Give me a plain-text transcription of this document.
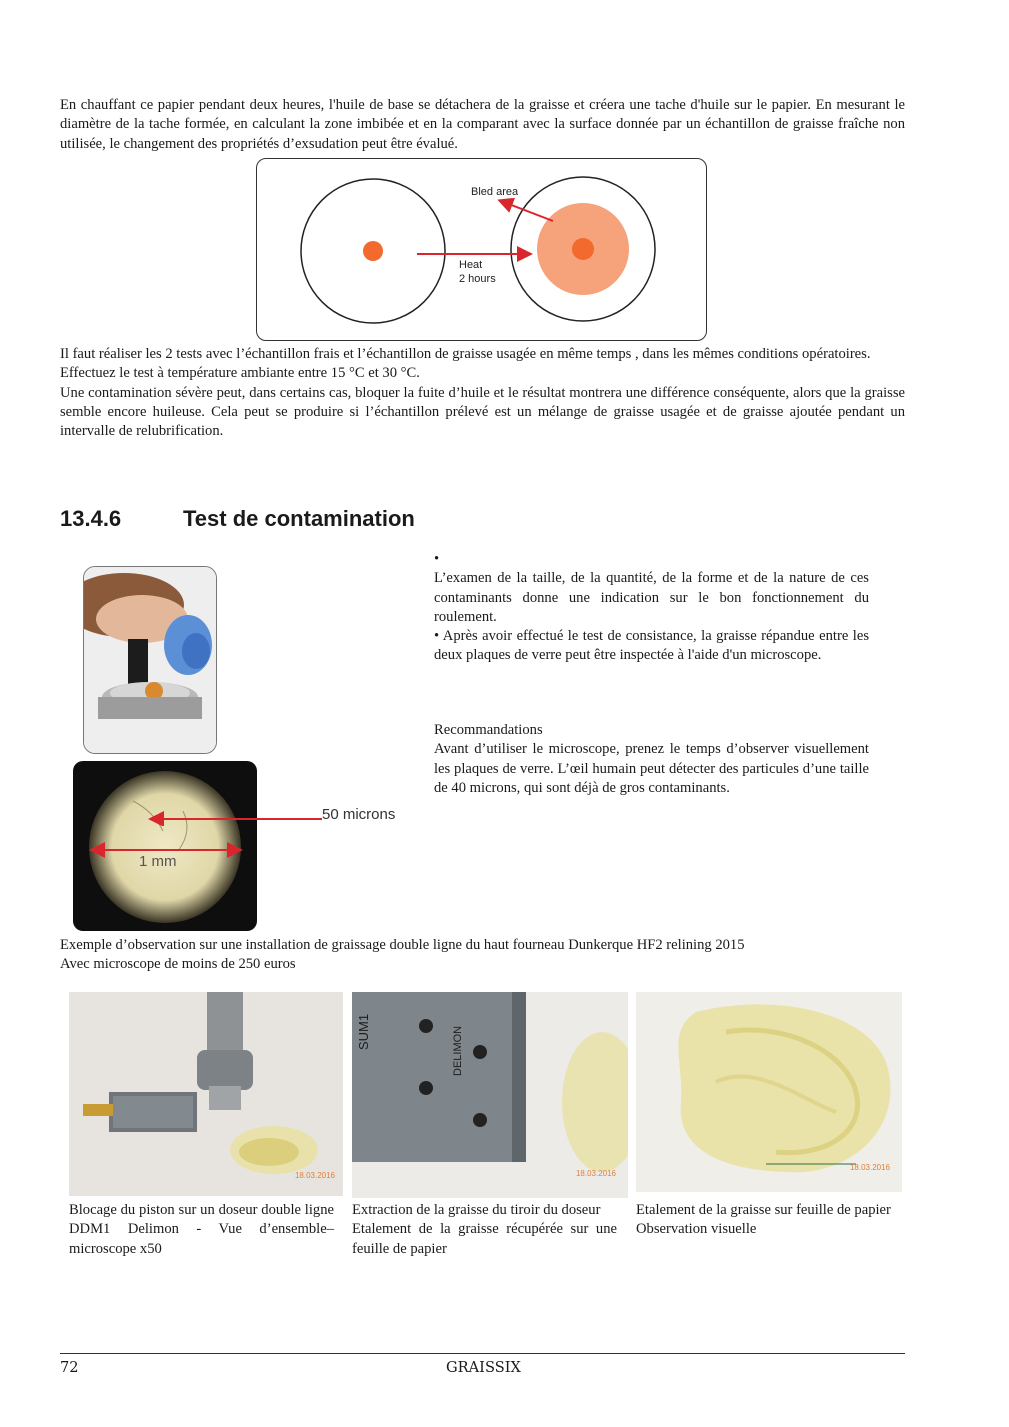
En chauffant ce papier pendant deux heures, l'huile de base se détachera de la graisse et créera une tache d'huile sur le papier. En mesurant le diamètre de la tache formée, en calculant la zone imbibée et en la comparant avec la surface donnée par un échantillon de graisse fraîche non utilisée, le changement des propriétés d’exsudation peut être évalué.
Bled area
Heat
2 hours

Il faut réaliser les 2 tests avec l’échantillon frais et l’échantillon de graisse usagée en même temps , dans les mêmes conditions opératoires.

Effectuez le test à température ambiante entre 15 °C et 30 °C.

Une contamination sévère peut, dans certains cas, bloquer la fuite d’huile et le résultat montrera une différence conséquente, alors que la graisse semble encore huileuse. Cela peut se produire si l’échantillon prélevé est un mélange de graisse usagée et de graisse ajoutée pendant un intervalle de relubrification.

13.4.6	Test de contamination
1 mm
50 microns

•

L’examen de la taille, de la quantité, de la forme et de la nature de ces contaminants donne une indication sur le bon fonctionnement du roulement.

• Après avoir effectué le test de consistance, la graisse répandue entre les deux plaques de verre peut être inspectée à l'aide d'un microscope.

Recommandations

Avant d’utiliser le microscope, prenez le temps d’observer visuellement les plaques de verre. L’œil humain peut détecter des particules d’une taille de 40 microns, qui sont déjà de gros contaminants.

Exemple d’observation sur une installation de graissage double ligne du haut fourneau Dunkerque HF2 relining 2015

Avec microscope de moins de 250 euros

18.03.2016

Blocage du piston sur un doseur double ligne DDM1 Delimon - Vue d’ensemble– microscope x50

SUM1	DELIMON
18.03.2016

Extraction de la graisse du tiroir du doseur

Etalement de la graisse récupérée sur une feuille de papier

18.03.2016

Etalement de la graisse sur feuille de papier

Observation visuelle

72	GRAISSIX
